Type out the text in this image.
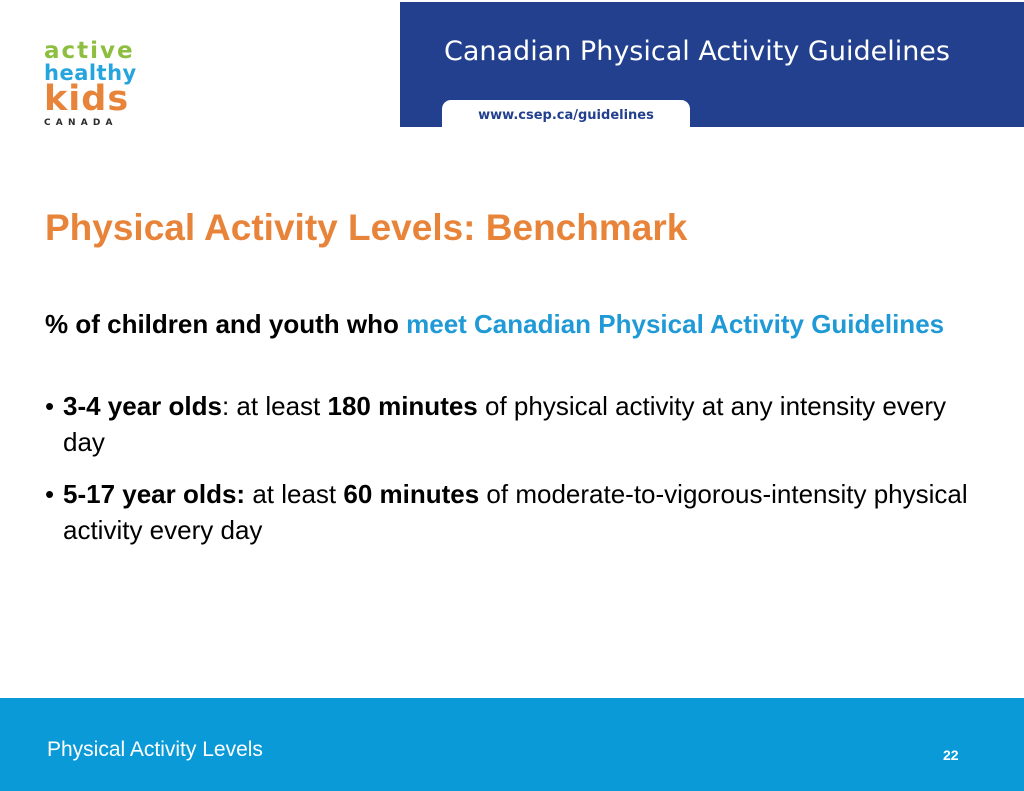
active
healthy
kids
CANADA
Canadian Physical Activity Guidelines
www.csep.ca/guidelines
Physical Activity Levels: Benchmark

% of children and youth who meet Canadian Physical Activity Guidelines

• 3-4 year olds: at least 180 minutes of physical activity at any intensity every day
• 5-17 year olds: at least 60 minutes of moderate-to-vigorous-intensity physical activity every day
Physical Activity Levels	22
